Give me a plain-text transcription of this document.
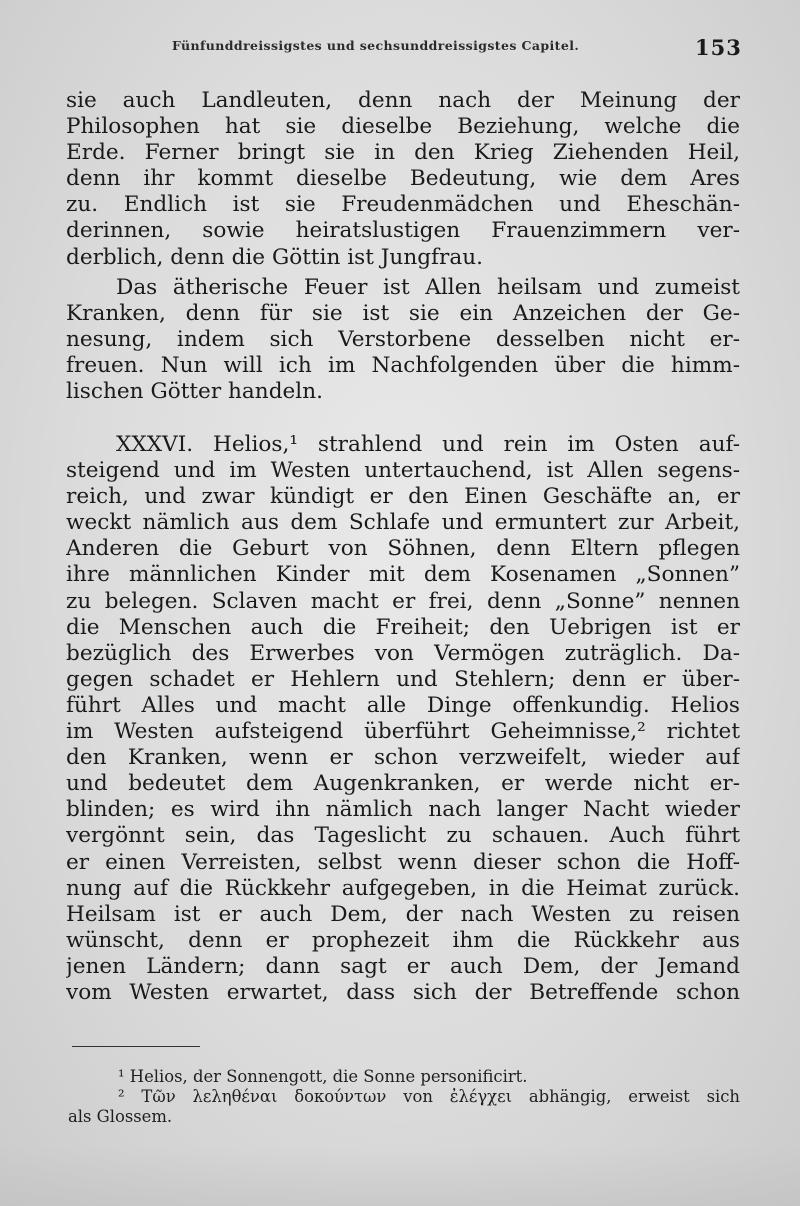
Fünfunddreissigstes und sechsunddreissigstes Capitel.	153
sie auch Landleuten, denn nach der Meinung der
Philosophen hat sie dieselbe Beziehung, welche die
Erde. Ferner bringt sie in den Krieg Ziehenden Heil,
denn ihr kommt dieselbe Bedeutung, wie dem Ares
zu. Endlich ist sie Freudenmädchen und Eheschän-
derinnen, sowie heiratslustigen Frauenzimmern ver-
derblich, denn die Göttin ist Jungfrau.
Das ätherische Feuer ist Allen heilsam und zumeist
Kranken, denn für sie ist sie ein Anzeichen der Ge-
nesung, indem sich Verstorbene desselben nicht er-
freuen. Nun will ich im Nachfolgenden über die himm-
lischen Götter handeln.
XXXVI. Helios,¹ strahlend und rein im Osten auf-
steigend und im Westen untertauchend, ist Allen segens-
reich, und zwar kündigt er den Einen Geschäfte an, er
weckt nämlich aus dem Schlafe und ermuntert zur Arbeit,
Anderen die Geburt von Söhnen, denn Eltern pflegen
ihre männlichen Kinder mit dem Kosenamen „Sonnen”
zu belegen. Sclaven macht er frei, denn „Sonne” nennen
die Menschen auch die Freiheit; den Uebrigen ist er
bezüglich des Erwerbes von Vermögen zuträglich. Da-
gegen schadet er Hehlern und Stehlern; denn er über-
führt Alles und macht alle Dinge offenkundig. Helios
im Westen aufsteigend überführt Geheimnisse,² richtet
den Kranken, wenn er schon verzweifelt, wieder auf
und bedeutet dem Augenkranken, er werde nicht er-
blinden; es wird ihn nämlich nach langer Nacht wieder
vergönnt sein, das Tageslicht zu schauen. Auch führt
er einen Verreisten, selbst wenn dieser schon die Hoff-
nung auf die Rückkehr aufgegeben, in die Heimat zurück.
Heilsam ist er auch Dem, der nach Westen zu reisen
wünscht, denn er prophezeit ihm die Rückkehr aus
jenen Ländern; dann sagt er auch Dem, der Jemand
vom Westen erwartet, dass sich der Betreffende schon
¹ Helios, der Sonnengott, die Sonne personificirt.
² Τῶν λεληθέναι δοκούντων von ἐλέγχει abhängig, erweist sich
als Glossem.
